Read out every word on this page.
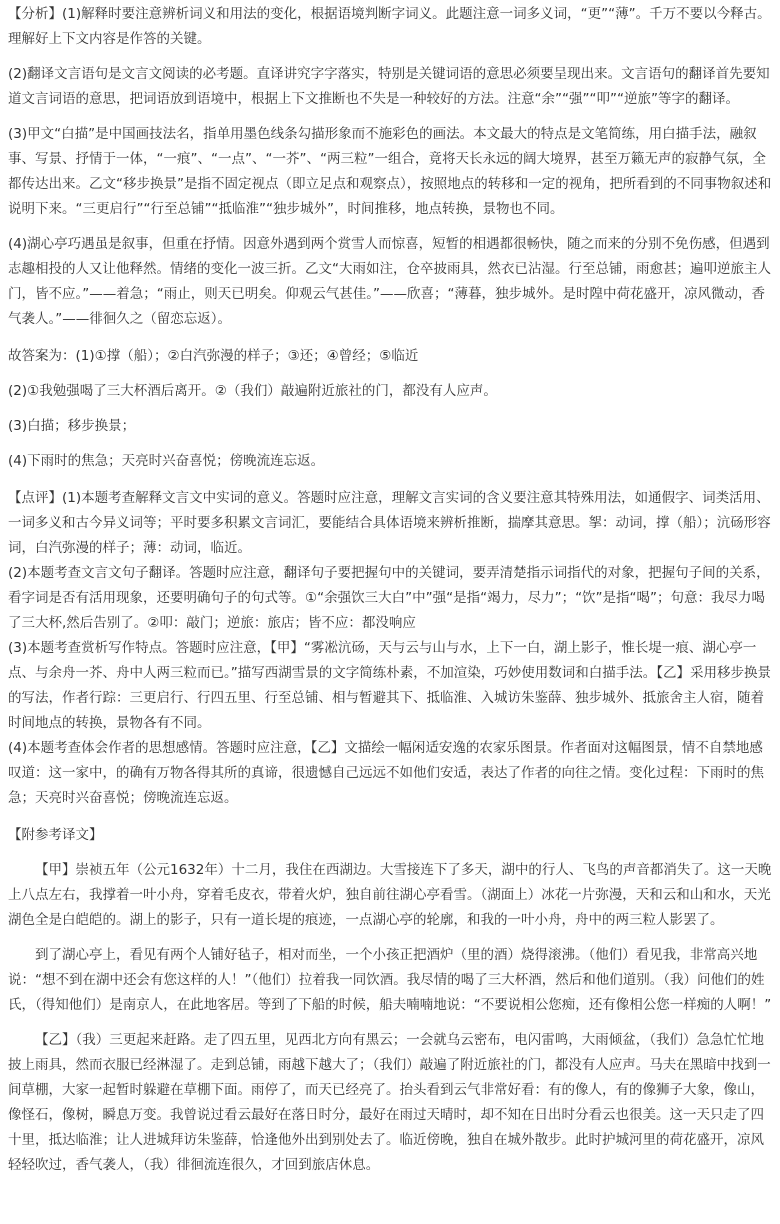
【分析】(1)解释时要注意辨析词义和用法的变化，根据语境判断字词义。此题注意一词多义词，“更”“薄”。千万不要以今释古。理解好上下文内容是作答的关键。

(2)翻译文言语句是文言文阅读的必考题。直译讲究字字落实，特别是关键词语的意思必须要呈现出来。文言语句的翻译首先要知道文言词语的意思，把词语放到语境中，根据上下文推断也不失是一种较好的方法。注意“余”“强”“叩”“逆旅”等字的翻译。

(3)甲文“白描”是中国画技法名，指单用墨色线条勾描形象而不施彩色的画法。本文最大的特点是文笔简练，用白描手法，融叙事、写景、抒情于一体，“一痕”、“一点”、“一芥”、“两三粒”一组合，竟将天长永远的阔大境界，甚至万籁无声的寂静气氛，全都传达出来。乙文“移步换景”是指不固定视点（即立足点和观察点），按照地点的转移和一定的视角，把所看到的不同事物叙述和说明下来。“三更启行”“行至总铺”“抵临淮”“独步城外”，时间推移，地点转换，景物也不同。

(4)湖心亭巧遇虽是叙事，但重在抒情。因意外遇到两个赏雪人而惊喜，短暂的相遇都很畅快，随之而来的分别不免伤感，但遇到志趣相投的人又让他释然。情绪的变化一波三折。乙文“大雨如注，仓卒披雨具，然衣已沾湿。行至总铺，雨愈甚；遍叩逆旅主人门，皆不应。”——着急；“雨止，则天已明矣。仰观云气甚佳。”——欣喜；“薄暮，独步城外。是时隍中荷花盛开，凉风微动，香气袭人。”——徘徊久之（留恋忘返）。

故答案为：(1)①撑（船）；②白汽弥漫的样子；③还；④曾经；⑤临近

(2)①我勉强喝了三大杯酒后离开。②（我们）敲遍附近旅社的门，都没有人应声。

(3)白描；移步换景；

(4)下雨时的焦急；天亮时兴奋喜悦；傍晚流连忘返。

【点评】(1)本题考查解释文言文中实词的意义。答题时应注意，理解文言实词的含义要注意其特殊用法，如通假字、词类活用、一词多义和古今异义词等；平时要多积累文言词汇，要能结合具体语境来辨析推断，揣摩其意思。挐：动词，撑（船）；沆砀形容词，白汽弥漫的样子；薄：动词，临近。

(2)本题考查文言文句子翻译。答题时应注意，翻译句子要把握句中的关键词，要弄清楚指示词指代的对象，把握句子间的关系，看字词是否有活用现象，还要明确句子的句式等。①“余强饮三大白”中”强“是指“竭力，尽力”；“饮”是指“喝”；句意：我尽力喝了三大杯,然后告别了。②叩：敲门；逆旅：旅店；皆不应：都没响应

(3)本题考查赏析写作特点。答题时应注意，【甲】“雾凇沆砀，天与云与山与水，上下一白，湖上影子，惟长堤一痕、湖心亭一点、与余舟一芥、舟中人两三粒而已。”描写西湖雪景的文字简练朴素，不加渲染，巧妙使用数词和白描手法。【乙】采用移步换景的写法，作者行踪：三更启行、行四五里、行至总铺、相与暂避其下、抵临淮、入城访朱鉴薛、独步城外、抵旅舍主人宿，随着时间地点的转换，景物各有不同。

(4)本题考查体会作者的思想感情。答题时应注意，【乙】文描绘一幅闲适安逸的农家乐图景。作者面对这幅图景，情不自禁地感叹道：这一家中，的确有万物各得其所的真谛，很遗憾自己远远不如他们安适，表达了作者的向往之情。变化过程：下雨时的焦急；天亮时兴奋喜悦；傍晚流连忘返。

【附参考译文】

【甲】崇祯五年（公元1632年）十二月，我住在西湖边。大雪接连下了多天，湖中的行人、飞鸟的声音都消失了。这一天晚上八点左右，我撑着一叶小舟，穿着毛皮衣，带着火炉，独自前往湖心亭看雪。（湖面上）冰花一片弥漫，天和云和山和水，天光湖色全是白皑皑的。湖上的影子，只有一道长堤的痕迹，一点湖心亭的轮廓，和我的一叶小舟，舟中的两三粒人影罢了。

到了湖心亭上，看见有两个人铺好毡子，相对而坐，一个小孩正把酒炉（里的酒）烧得滚沸。（他们）看见我，非常高兴地说：“想不到在湖中还会有您这样的人！”（他们）拉着我一同饮酒。我尽情的喝了三大杯酒，然后和他们道别。（我）问他们的姓氏，（得知他们）是南京人，在此地客居。等到了下船的时候，船夫喃喃地说：“不要说相公您痴，还有像相公您一样痴的人啊！”

【乙】（我）三更起来赶路。走了四五里，见西北方向有黑云；一会就乌云密布，电闪雷鸣，大雨倾盆，（我们）急急忙忙地披上雨具，然而衣服已经淋湿了。走到总铺，雨越下越大了；（我们）敲遍了附近旅社的门，都没有人应声。马夫在黑暗中找到一间草棚，大家一起暂时躲避在草棚下面。雨停了，而天已经亮了。抬头看到云气非常好看：有的像人，有的像狮子大象，像山，像怪石，像树，瞬息万变。我曾说过看云最好在落日时分，最好在雨过天晴时，却不知在日出时分看云也很美。这一天只走了四十里，抵达临淮；让人进城拜访朱鉴薛，恰逢他外出到别处去了。临近傍晚，独自在城外散步。此时护城河里的荷花盛开，凉风轻轻吹过，香气袭人，（我）徘徊流连很久，才回到旅店休息。
